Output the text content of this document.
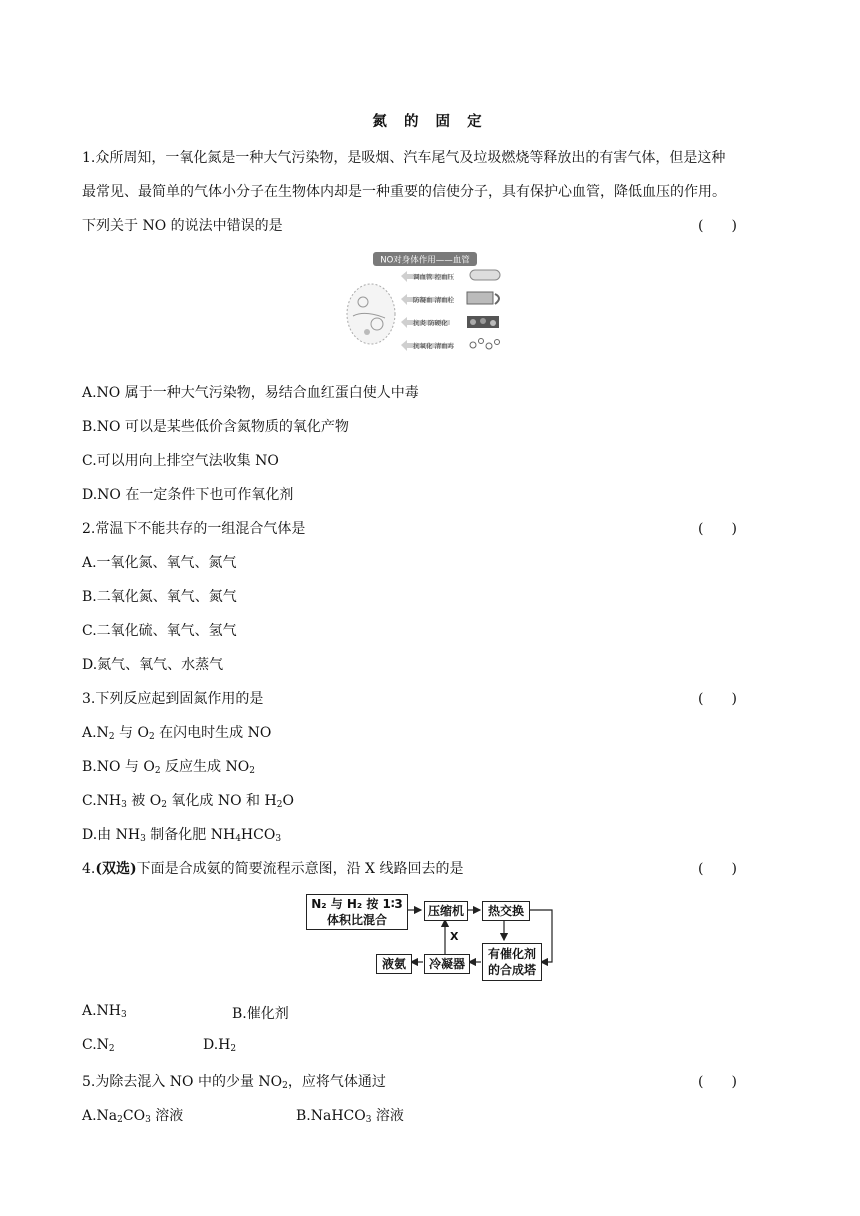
氮 的 固 定
1.众所周知，一氧化氮是一种大气污染物，是吸烟、汽车尾气及垃圾燃烧等释放出的有害气体，但是这种
最常见、最简单的气体小分子在生物体内却是一种重要的信使分子，具有保护心血管，降低血压的作用。
下列关于 NO 的说法中错误的是	(　　)
NO对身体作用——血管
调血管 控血压
防凝血 清血栓
抗炎 防硬化
抗氧化 清血毒
A.NO 属于一种大气污染物，易结合血红蛋白使人中毒
B.NO 可以是某些低价含氮物质的氧化产物
C.可以用向上排空气法收集 NO
D.NO 在一定条件下也可作氧化剂
2.常温下不能共存的一组混合气体是	(　　)
A.一氧化氮、氧气、氮气
B.二氧化氮、氧气、氮气
C.二氧化硫、氧气、氢气
D.氮气、氧气、水蒸气
3.下列反应起到固氮作用的是	(　　)
$A.N_2$ 与 $O_2$ 在闪电时生成 NO
B.NO 与 $O_2$ 反应生成 $NO_2$
$C.NH_3$ 被 $O_2$ 氧化成 NO 和 $H_2O$
D.由 $NH_3$ 制备化肥 $NH_4HCO_3$
4.(双选)下面是合成氨的简要流程示意图，沿 X 线路回去的是	(　　)
N₂ 与 H₂ 按 1∶3
体积比混合
压缩机	热交换
有催化剂
的合成塔
冷凝器
液氨
X
$A.NH_3$	B.催化剂
$C.N_2$	$D.H_2$
5.为除去混入 NO 中的少量 $NO_2$，应将气体通过	(　　)
$A.Na_2CO_3$ 溶液	B.NaHCO$_3$ 溶液
